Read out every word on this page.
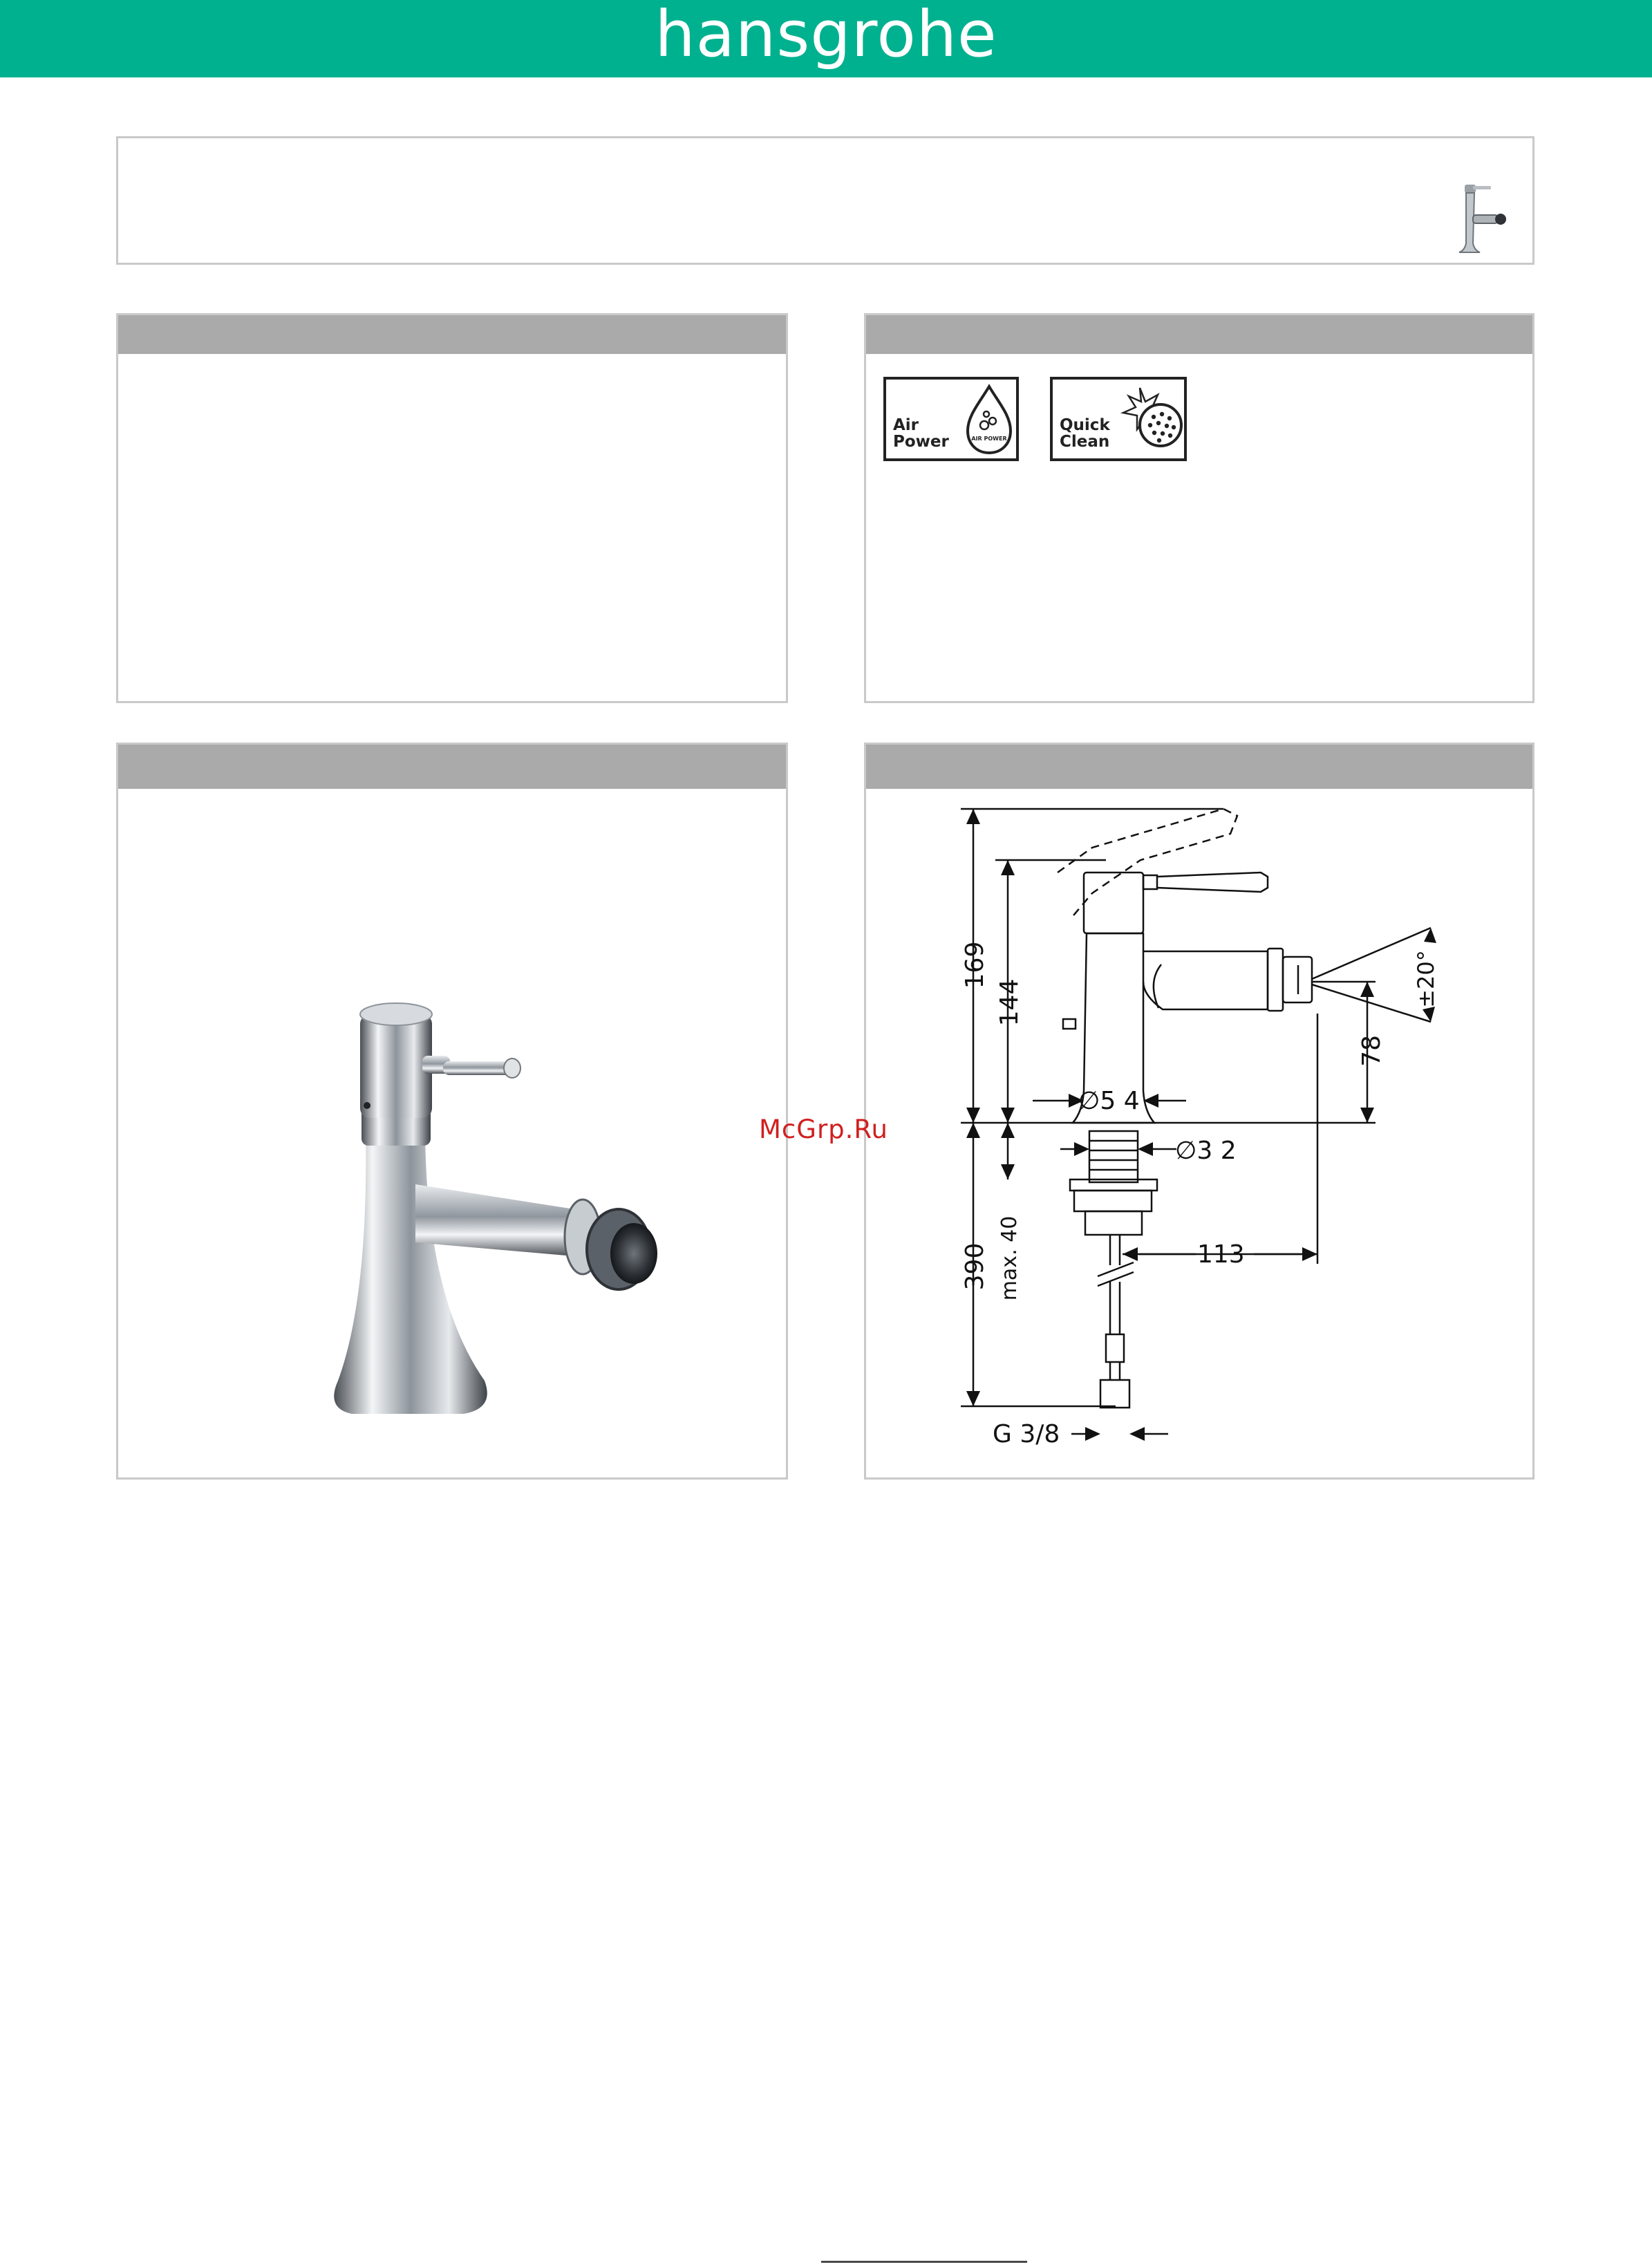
hansgrohe
Air
Power	AIR POWER
Quick
Clean
169
144
∅5 4
∅3 2
±20°
78
390 max. 40	113
G 3/8
McGrp.Ru
